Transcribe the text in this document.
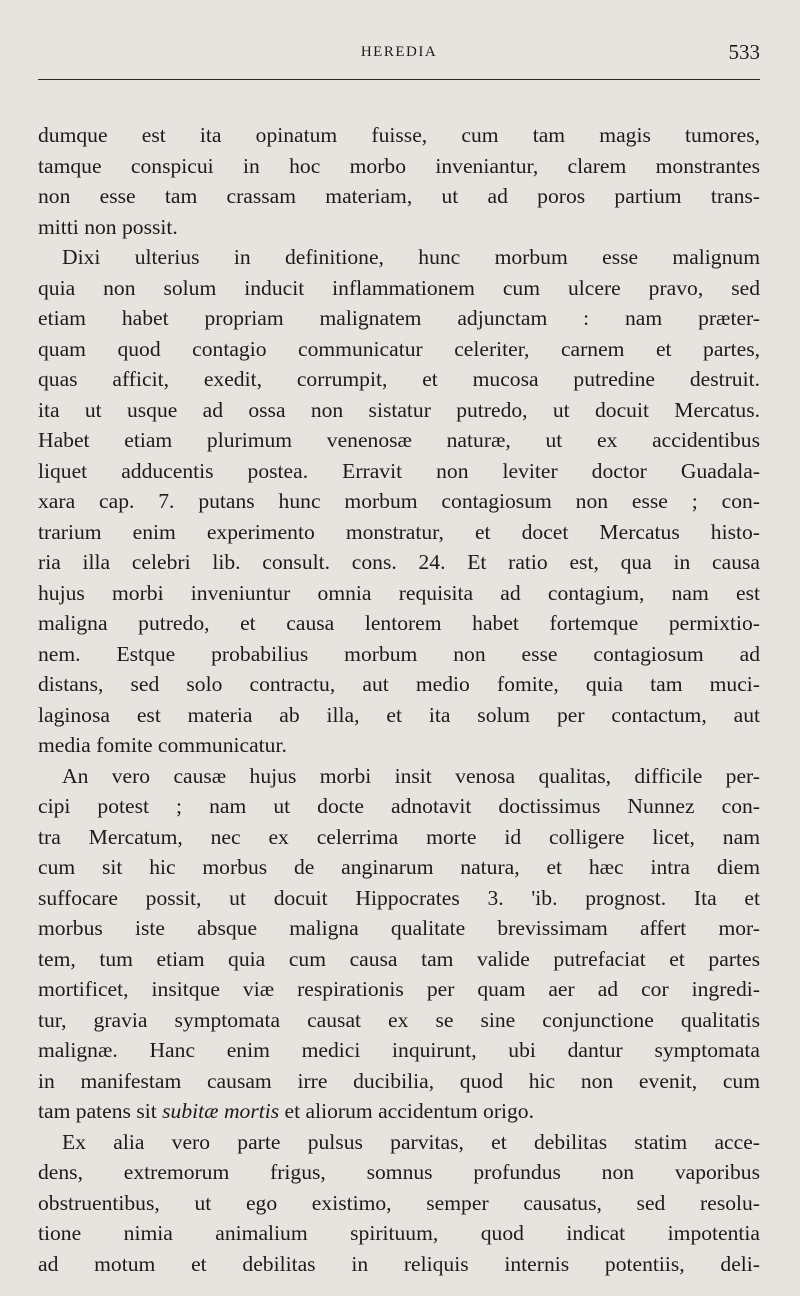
HEREDIA	533
dumque est ita opinatum fuisse, cum tam magis tumores,
tamque conspicui in hoc morbo inveniantur, clarem monstrantes
non esse tam crassam materiam, ut ad poros partium trans-
mitti non possit.
Dixi ulterius in definitione, hunc morbum esse malignum
quia non solum inducit inflammationem cum ulcere pravo, sed
etiam habet propriam malignatem adjunctam : nam præter-
quam quod contagio communicatur celeriter, carnem et partes,
quas afficit, exedit, corrumpit, et mucosa putredine destruit.
ita ut usque ad ossa non sistatur putredo, ut docuit Mercatus.
Habet etiam plurimum venenosæ naturæ, ut ex accidentibus
liquet adducentis postea. Erravit non leviter doctor Guadala-
xara cap. 7. putans hunc morbum contagiosum non esse ; con-
trarium enim experimento monstratur, et docet Mercatus histo-
ria illa celebri lib. consult. cons. 24. Et ratio est, qua in causa
hujus morbi inveniuntur omnia requisita ad contagium, nam est
maligna putredo, et causa lentorem habet fortemque permixtio-
nem. Estque probabilius morbum non esse contagiosum ad
distans, sed solo contractu, aut medio fomite, quia tam muci-
laginosa est materia ab illa, et ita solum per contactum, aut
media fomite communicatur.
An vero causæ hujus morbi insit venosa qualitas, difficile per-
cipi potest ; nam ut docte adnotavit doctissimus Nunnez con-
tra Mercatum, nec ex celerrima morte id colligere licet, nam
cum sit hic morbus de anginarum natura, et hæc intra diem
suffocare possit, ut docuit Hippocrates 3. 'ib. prognost. Ita et
morbus iste absque maligna qualitate brevissimam affert mor-
tem, tum etiam quia cum causa tam valide putrefaciat et partes
mortificet, insitque viæ respirationis per quam aer ad cor ingredi-
tur, gravia symptomata causat ex se sine conjunctione qualitatis
malignæ. Hanc enim medici inquirunt, ubi dantur symptomata
in manifestam causam irre ducibilia, quod hic non evenit, cum
tam patens sit subitæ mortis et aliorum accidentum origo.
Ex alia vero parte pulsus parvitas, et debilitas statim acce-
dens, extremorum frigus, somnus profundus non vaporibus
obstruentibus, ut ego existimo, semper causatus, sed resolu-
tione nimia animalium spirituum, quod indicat impotentia
ad motum et debilitas in reliquis internis potentiis, deli-
